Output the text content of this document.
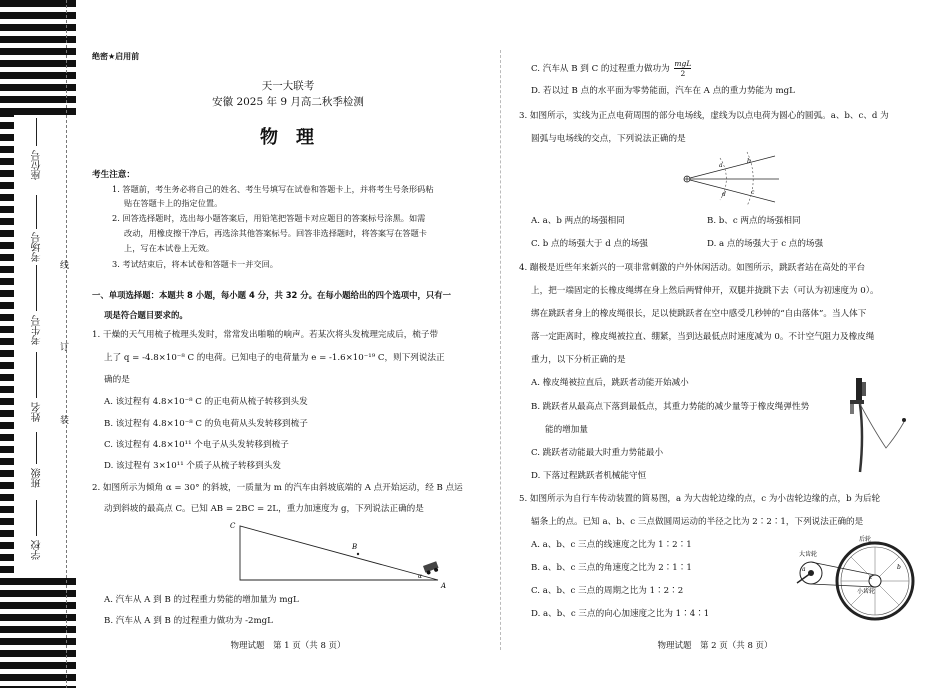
线
订
装
座位号
考场号
考生号
姓名
班级
学校
绝密★启用前
天一大联考
安徽 2025 年 9 月高二秋季检测
物理
考生注意：
1. 答题前，考生务必将自己的姓名、考生号填写在试卷和答题卡上，并将考生号条形码粘
贴在答题卡上的指定位置。
2. 回答选择题时，选出每小题答案后，用铅笔把答题卡对应题目的答案标号涂黑。如需
改动，用橡皮擦干净后，再选涂其他答案标号。回答非选择题时，将答案写在答题卡
上，写在本试卷上无效。
3. 考试结束后，将本试卷和答题卡一并交回。
一、单项选择题：本题共 8 小题，每小题 4 分，共 32 分。在每小题给出的四个选项中，只有一
项是符合题目要求的。
1. 干燥的天气用梳子梳理头发时，常常发出啪啪的响声。若某次将头发梳理完成后，梳子带
上了 q = -4.8×10⁻⁸ C 的电荷。已知电子的电荷量为 e = -1.6×10⁻¹⁹ C，则下列说法正
确的是
A. 该过程有 4.8×10⁻⁸ C 的正电荷从梳子转移到头发
B. 该过程有 4.8×10⁻⁸ C 的负电荷从头发转移到梳子
C. 该过程有 4.8×10¹¹ 个电子从头发转移到梳子
D. 该过程有 3×10¹¹ 个质子从梳子转移到头发
2. 如图所示为倾角 α = 30° 的斜坡，一质量为 m 的汽车由斜坡底端的 A 点开始运动，经 B 点运
动到斜坡的最高点 C。已知 AB = 2BC = 2L，重力加速度为 g，下列说法正确的是
C
B
A
α
A. 汽车从 A 到 B 的过程重力势能的增加量为 mgL
B. 汽车从 A 到 B 的过程重力做功为 -2mgL
物理试题　第 1 页（共 8 页）
C. 汽车从 B 到 C 的过程重力做功为
mgL
2
D. 若以过 B 点的水平面为零势能面，汽车在 A 点的重力势能为 mgL
3. 如图所示，实线为正点电荷周围的部分电场线，虚线为以点电荷为圆心的圆弧。a、b、c、d 为
圆弧与电场线的交点，下列说法正确的是
a
b
c
d
A. a、b 两点的场强相同	B. b、c 两点的场强相同
C. b 点的场强大于 d 点的场强	D. a 点的场强大于 c 点的场强
4. 蹦极是近些年来新兴的一项非常刺激的户外休闲活动。如图所示，跳跃者站在高处的平台
上，把一端固定的长橡皮绳绑在身上然后两臂伸开，双腿并拢跳下去（可认为初速度为 0）。
绑在跳跃者身上的橡皮绳很长，足以使跳跃者在空中感受几秒钟的“自由落体”。当人体下
落一定距离时，橡皮绳被拉直、绷紧，当到达最低点时速度减为 0。不计空气阻力及橡皮绳
重力，以下分析正确的是
A. 橡皮绳被拉直后，跳跃者动能开始减小
B. 跳跃者从最高点下落到最低点，其重力势能的减少量等于橡皮绳弹性势
能的增加量
C. 跳跃者动能最大时重力势能最小
D. 下落过程跳跃者机械能守恒
5. 如图所示为自行车传动装置的简易图，a 为大齿轮边缘的点，c 为小齿轮边缘的点，b 为后轮
辐条上的点。已知 a、b、c 三点做圆周运动的半径之比为 2∶2∶1，下列说法正确的是
A. a、b、c 三点的线速度之比为 1∶2∶1
B. a、b、c 三点的角速度之比为 2∶1∶1
C. a、b、c 三点的周期之比为 1∶2∶2
D. a、b、c 三点的向心加速度之比为 1∶4∶1
大齿轮
后轮
小齿轮
a	b
c
物理试题　第 2 页（共 8 页）
